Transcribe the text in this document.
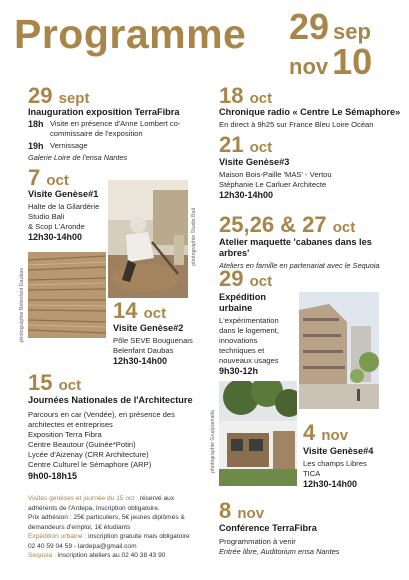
Programme 29 sep
nov 10
29 sept
Inauguration exposition TerraFibra
18h Visite en présence d'Anne Lombert co-commissaire de l'exposition
19h Vernissage
Galerie Loire de l'ensa Nantes
7 oct
Visite Genèse#1
Halte de la Gilardérie
Studio Bali
& Scop L'Aronde
12h30-14h00	photographie Studio Bali
photographie Belenfant Daubas	14 oct
Visite Genèse#2
Pôle SEVE Bouguenais
Belenfant Daubas
12h30-14h00
15 oct
Journées Nationales de l'Architecture
Parcours en car (Vendée), en présence des
architectes et entreprises
Exposition Terra Fibra
Centre Beautour (Guinée*Potin)
Lycée d'Aizenay (CRR Architecture)
Centre Culturel le Sémaphore (ARP)
9h00-18h15
Visites genèses et journée du 15 oct : réservé aux
adhérents de l'Ardepa, inscription obligatoire.
Prix adhésion : 25€ particuliers, 5€ jeunes diplômés &
demandeurs d'emploi, 1€ étudiants
Expédition urbaine : inscription gratuite mais obligatoire
02 40 59 04 59 - lardepa@gmail.com
Sequoia : inscription ateliers au 02 40 38 43 90
18 oct
Chronique radio « Centre Le Sémaphore»
En direct à 9h25 sur France Bleu Loire Océan
21 oct
Visite Genèse#3
Maison Bois-Paille 'MAS' - Vertou
Stéphanie Le Carluer Architecte
12h30-14h00
25,26 & 27 oct
Atelier maquette 'cabanes dans les arbres'
Ateliers en famille en partenariat avec le Sequoia
29 oct
Expédition
urbaine
L'expérimentation
dans le logement,
innovations
techniques et
nouveaux usages
9h30-12h
photographie Gruppamalta	4 nov
Visite Genèse#4
Les champs Libres
TICA
12h30-14h00
8 nov
Conférence TerraFibra
Programmation à venir
Entrée libre, Auditorium ensa Nantes
